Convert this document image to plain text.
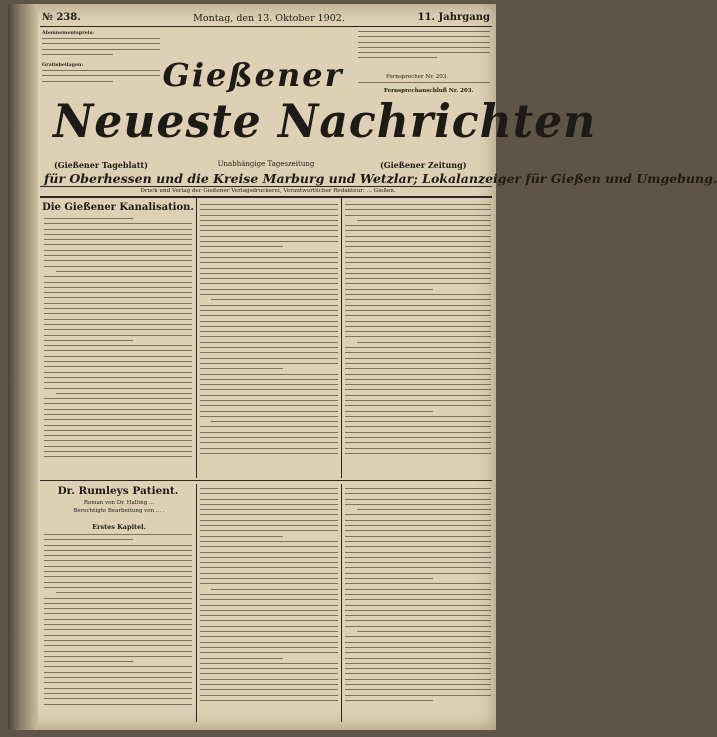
№ 238.	Montag, den 13. Oktober 1902.	11. Jahrgang
Abonnementspreis:
Gratisbeilagen:
Fernsprecher Nr. 203.
Fernsprechanschluß Nr. 203.
Gießener
Neueste Nachrichten
(Gießener Tageblatt)	Unabhängige Tageszeitung	(Gießener Zeitung)
für Oberhessen und die Kreise Marburg und Wetzlar; Lokalanzeiger für Gießen und Umgebung.
Druck und Verlag der Gießener Verlagsdruckerei, Verantwortlicher Redakteur: ... Gießen.
Die Gießener Kanalisation.
Dr. Rumleys Patient.
Roman von Dr. Halling ...
Berechtigte Bearbeitung von ... .
Erstes Kapitel.
